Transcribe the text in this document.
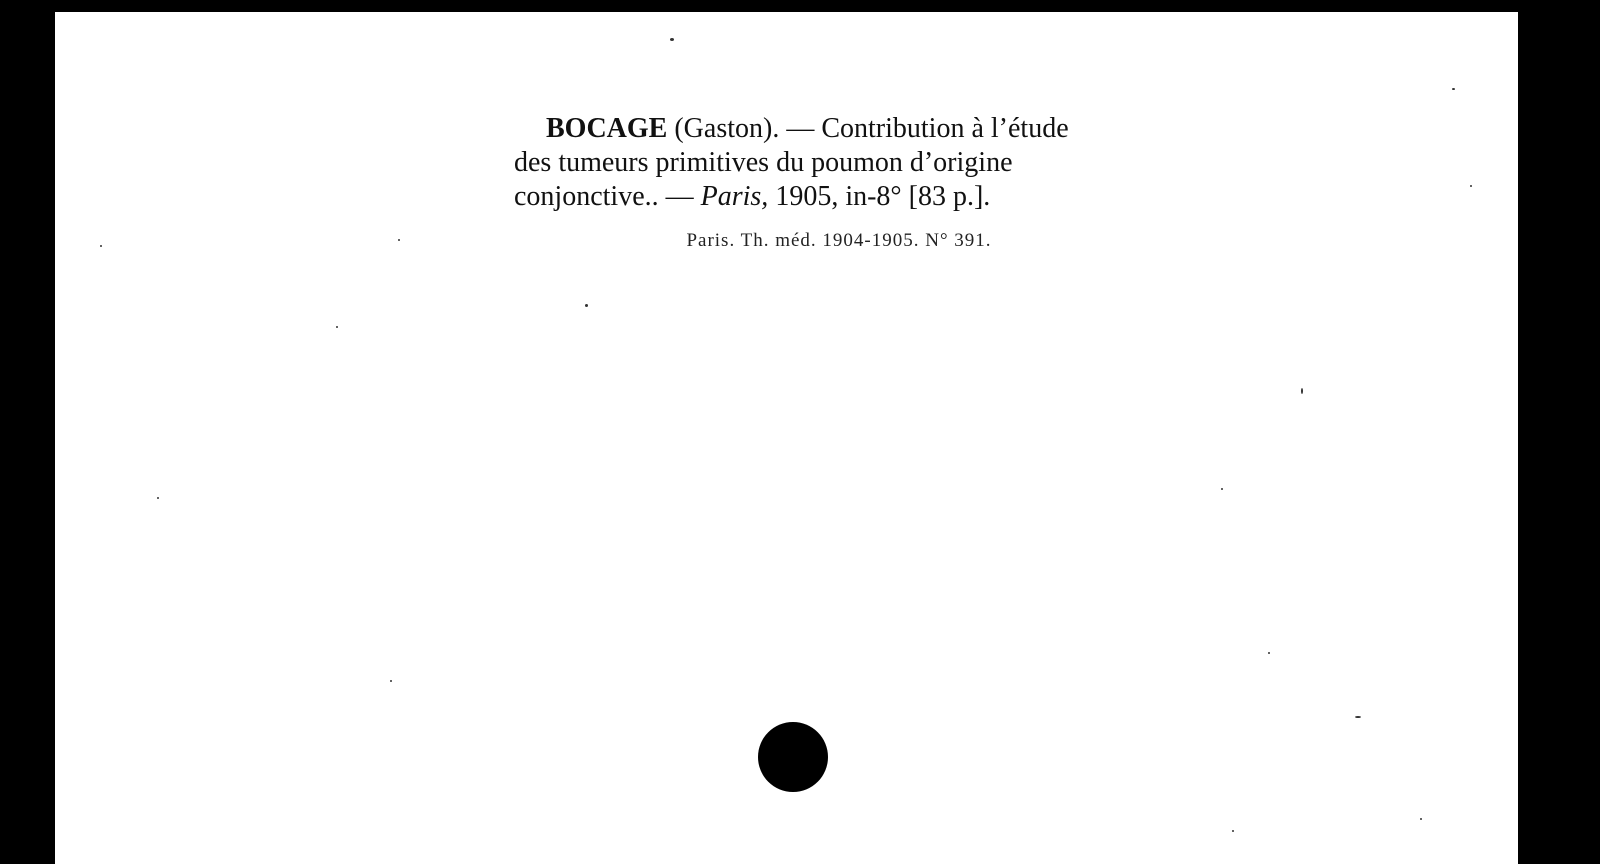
BOCAGE (Gaston). — Contribution à l’étude
des tumeurs primitives du poumon d’origine
conjonctive.. — Paris, 1905, in-8° [83 p.].
Paris. Th. méd. 1904-1905. N° 391.
